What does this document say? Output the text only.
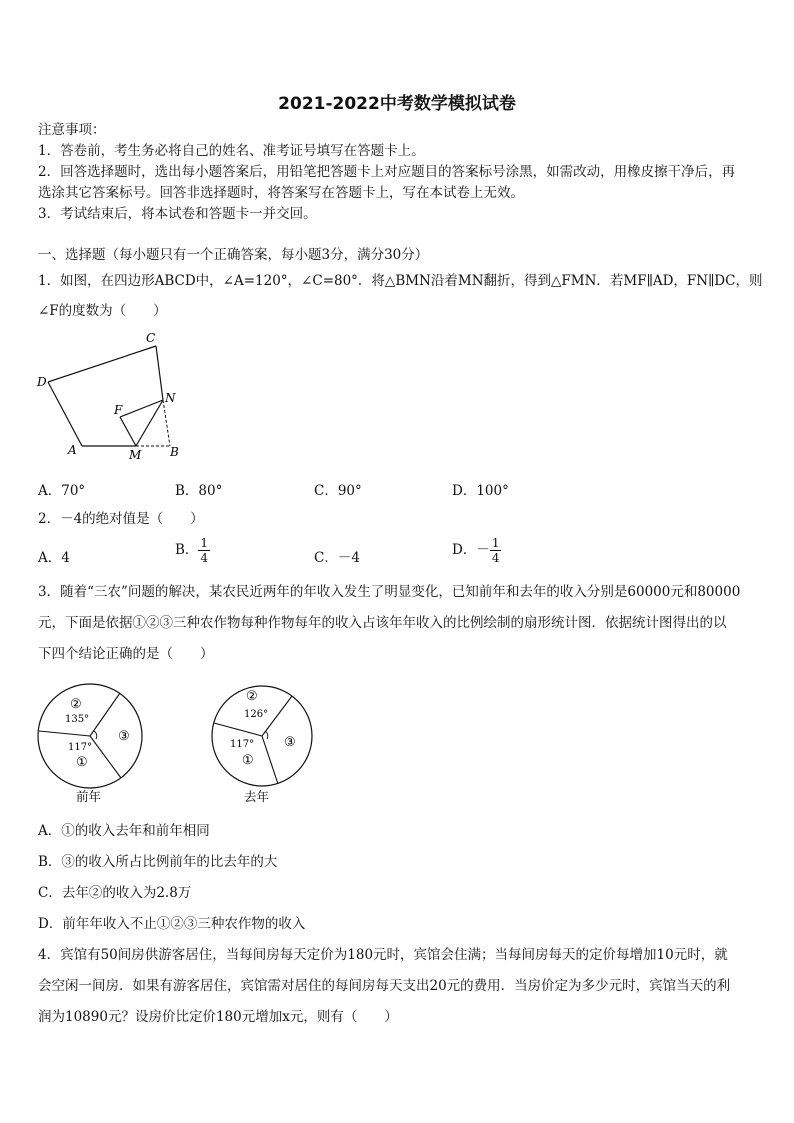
2021-2022中考数学模拟试卷
注意事项：
1．答卷前，考生务必将自己的姓名、准考证号填写在答题卡上。
2．回答选择题时，选出每小题答案后，用铅笔把答题卡上对应题目的答案标号涂黑，如需改动，用橡皮擦干净后，再
选涂其它答案标号。回答非选择题时，将答案写在答题卡上，写在本试卷上无效。
3．考试结束后，将本试卷和答题卡一并交回。
一、选择题（每小题只有一个正确答案，每小题3分，满分30分）
1．如图，在四边形ABCD中，∠A=120°，∠C=80°．将△BMN沿着MN翻折，得到△FMN．若MF∥AD，FN∥DC，则
∠F的度数为（　　）
C
D
F
N
A	M B
A．70°	B．80°	C．90°	D．100°
2．－4的绝对值是（　　）
A．4	B． $\frac{1}{4}$	C．－4	D．－ $\frac{1}{4}$
3．随着“三农”问题的解决，某农民近两年的年收入发生了明显变化，已知前年和去年的收入分别是60000元和80000
元，下面是依据①②③三种农作物每种作物每年的收入占该年年收入的比例绘制的扇形统计图．依据统计图得出的以
下四个结论正确的是（　　）
②
135°
117°
①
③
前年
②
126°
117°
①
③
去年
A．①的收入去年和前年相同
B．③的收入所占比例前年的比去年的大
C．去年②的收入为2.8万
D．前年年收入不止①②③三种农作物的收入
4．宾馆有50间房供游客居住，当每间房每天定价为180元时，宾馆会住满；当每间房每天的定价每增加10元时，就
会空闲一间房．如果有游客居住，宾馆需对居住的每间房每天支出20元的费用．当房价定为多少元时，宾馆当天的利
润为10890元？设房价比定价180元增加x元，则有（　　）
